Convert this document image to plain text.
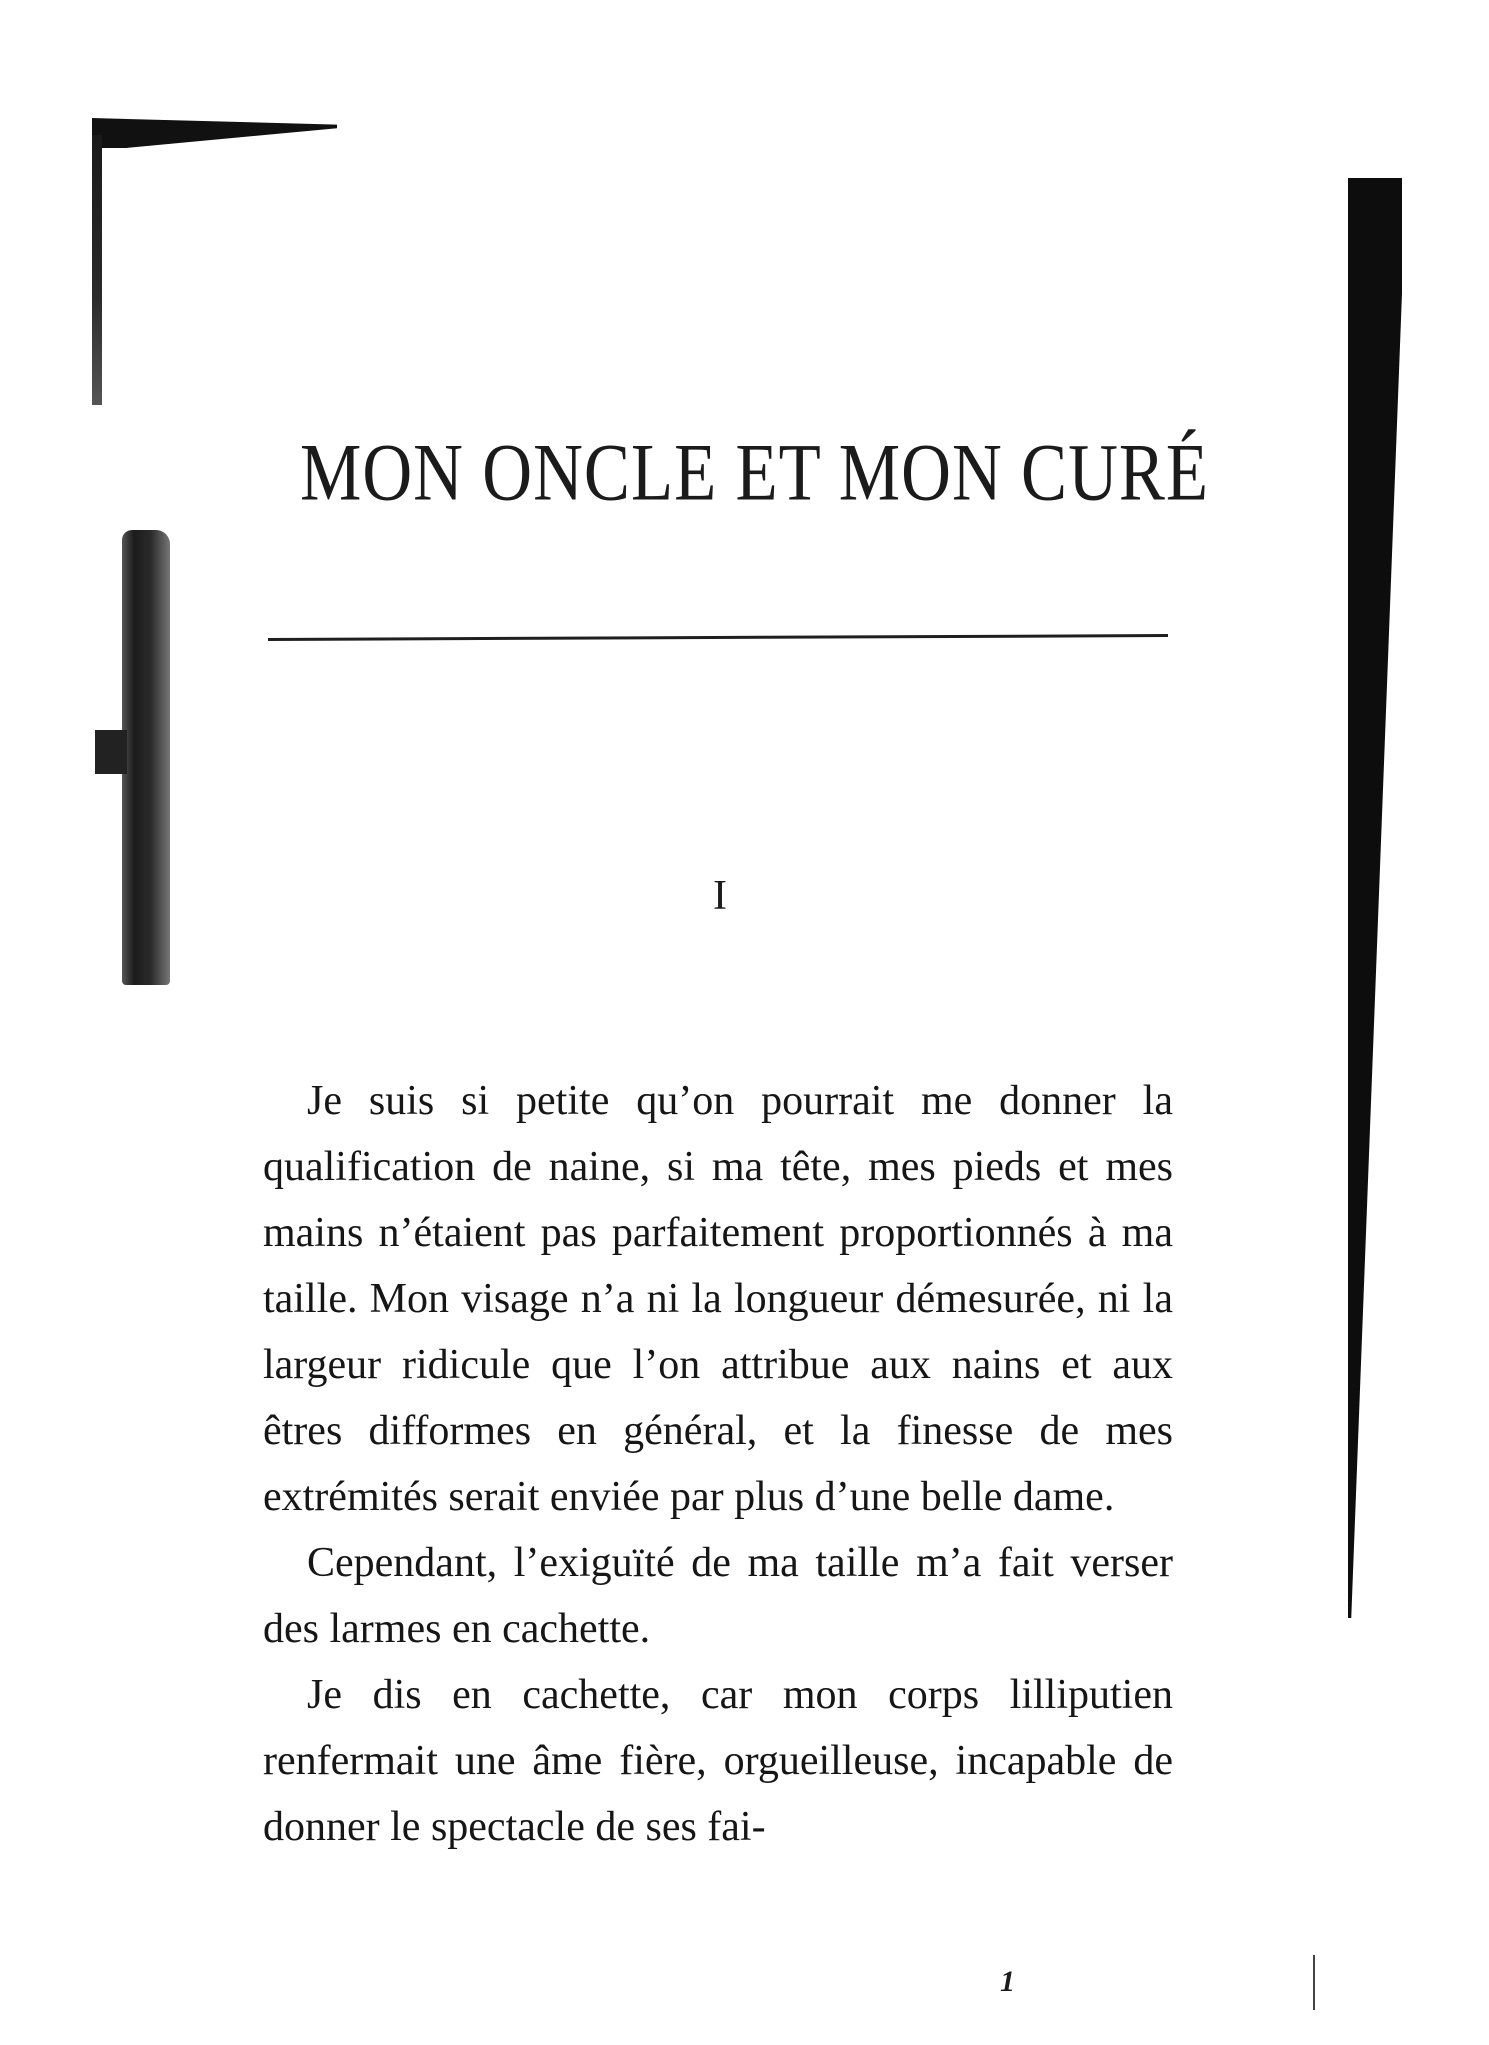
MON ONCLE ET MON CURÉ
I

Je suis si petite qu’on pourrait me donner la qualification de naine, si ma tête, mes pieds et mes mains n’étaient pas parfaitement proportionnés à ma taille. Mon visage n’a ni la longueur démesurée, ni la largeur ridicule que l’on attribue aux nains et aux êtres difformes en général, et la finesse de mes extrémités serait enviée par plus d’une belle dame.

Cependant, l’exiguïté de ma taille m’a fait verser des larmes en cachette.

Je dis en cachette, car mon corps lilliputien renfermait une âme fière, orgueilleuse, incapable de donner le spectacle de ses fai-

1
